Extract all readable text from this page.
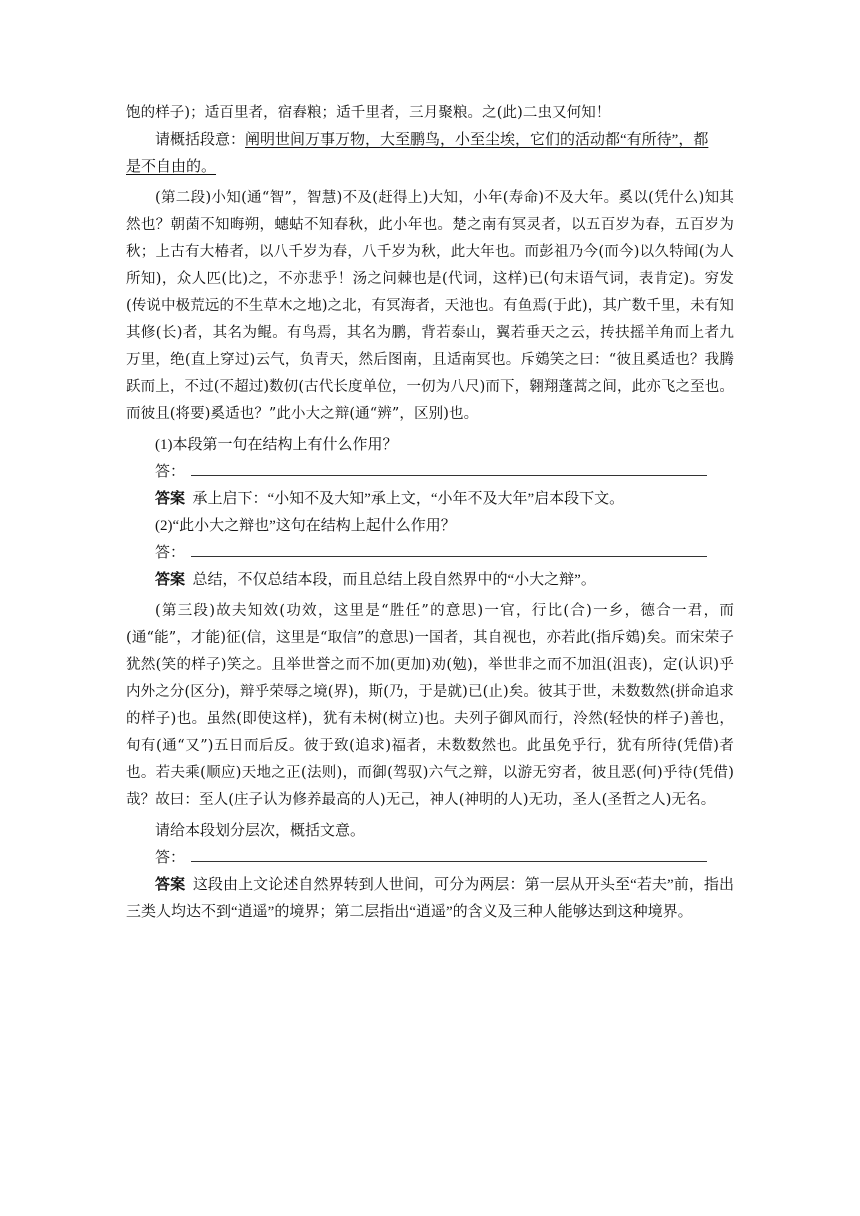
饱的样子)；适百里者，宿舂粮；适千里者，三月聚粮。之(此)二虫又何知！

请概括段意：阐明世间万事万物，大至鹏鸟，小至尘埃，它们的活动都“有所待”，都

是不自由的。

(第二段)小知(通“智”，智慧)不及(赶得上)大知，小年(寿命)不及大年。奚以(凭什么)知其然也？朝菌不知晦朔，蟪蛄不知春秋，此小年也。楚之南有冥灵者，以五百岁为春，五百岁为秋；上古有大椿者，以八千岁为春，八千岁为秋，此大年也。而彭祖乃今(而今)以久特闻(为人所知)，众人匹(比)之，不亦悲乎！汤之问棘也是(代词，这样)已(句末语气词，表肯定)。穷发(传说中极荒远的不生草木之地)之北，有冥海者，天池也。有鱼焉(于此)，其广数千里，未有知其修(长)者，其名为鲲。有鸟焉，其名为鹏，背若泰山，翼若垂天之云，抟扶摇羊角而上者九万里，绝(直上穿过)云气，负青天，然后图南，且适南冥也。斥鴳笑之曰：“彼且奚适也？我腾跃而上，不过(不超过)数仞(古代长度单位，一仞为八尺)而下，翱翔蓬蒿之间，此亦飞之至也。而彼且(将要)奚适也？”此小大之辩(通“辨”，区别)也。

(1)本段第一句在结构上有什么作用？

答：

答案 承上启下：“小知不及大知”承上文，“小年不及大年”启本段下文。

(2)“此小大之辩也”这句在结构上起什么作用？

答：

答案 总结，不仅总结本段，而且总结上段自然界中的“小大之辩”。

(第三段)故夫知效(功效，这里是“胜任”的意思)一官，行比(合)一乡，德合一君，而(通“能”，才能)征(信，这里是“取信”的意思)一国者，其自视也，亦若此(指斥鴳)矣。而宋荣子犹然(笑的样子)笑之。且举世誉之而不加(更加)劝(勉)，举世非之而不加沮(沮丧)，定(认识)乎内外之分(区分)，辩乎荣辱之境(界)，斯(乃，于是就)已(止)矣。彼其于世，未数数然(拼命追求的样子)也。虽然(即使这样)，犹有未树(树立)也。夫列子御风而行，泠然(轻快的样子)善也，旬有(通“又”)五日而后反。彼于致(追求)福者，未数数然也。此虽免乎行，犹有所待(凭借)者也。若夫乘(顺应)天地之正(法则)，而御(驾驭)六气之辩，以游无穷者，彼且恶(何)乎待(凭借)哉？故曰：至人(庄子认为修养最高的人)无己，神人(神明的人)无功，圣人(圣哲之人)无名。

请给本段划分层次，概括文意。

答：

答案 这段由上文论述自然界转到人世间，可分为两层：第一层从开头至“若夫”前，指出三类人均达不到“逍遥”的境界；第二层指出“逍遥”的含义及三种人能够达到这种境界。
